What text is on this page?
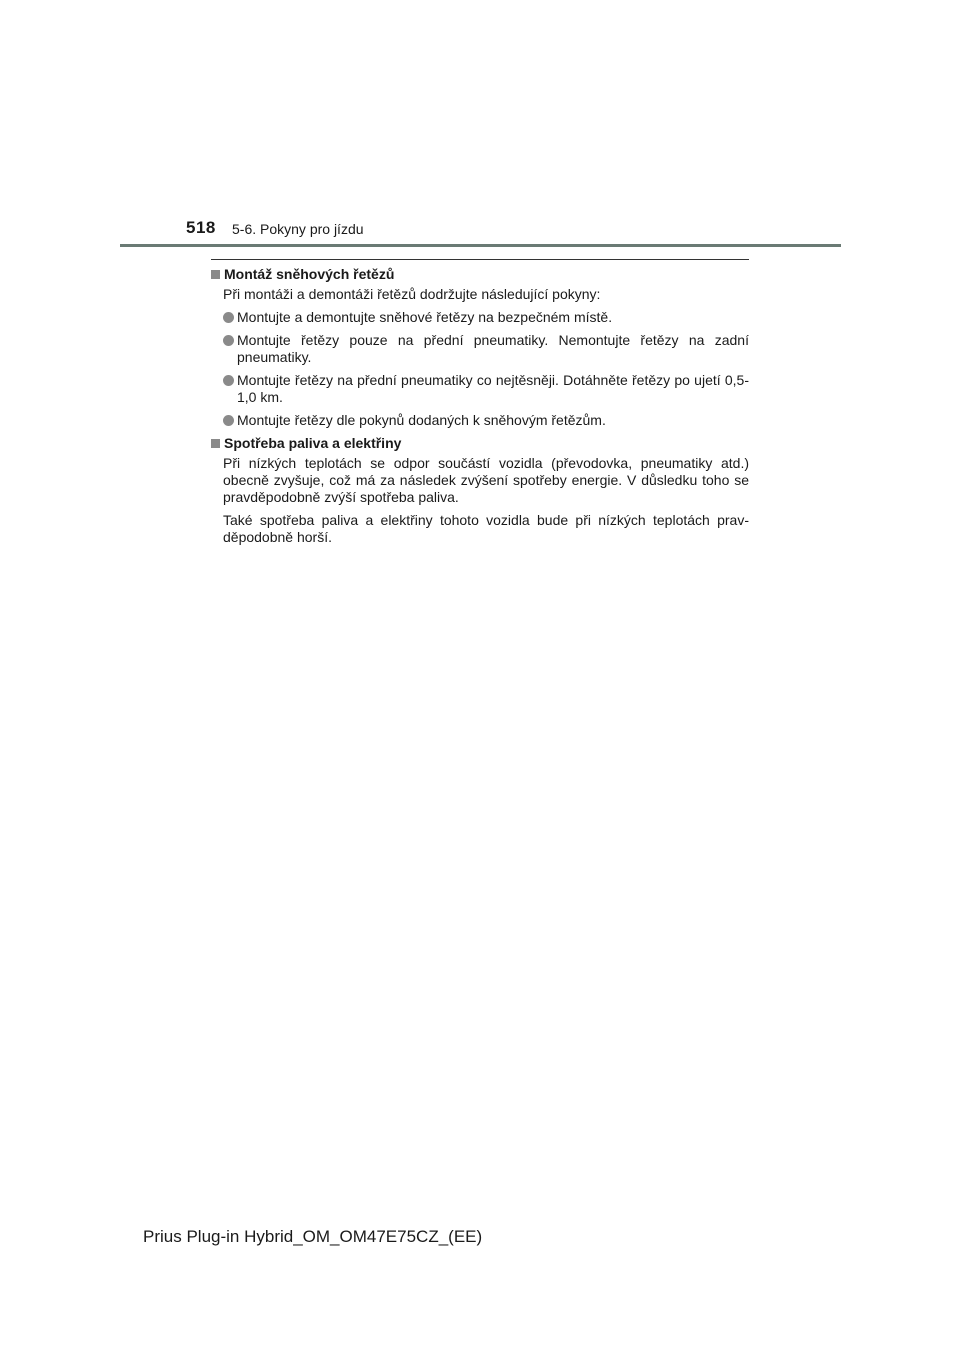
518 5-6. Pokyny pro jízdu
Montáž sněhových řetězů
Při montáži a demontáži řetězů dodržujte následující pokyny:
Montujte a demontujte sněhové řetězy na bezpečném místě.
Montujte řetězy pouze na přední pneumatiky. Nemontujte řetězy na zadní pneumatiky.
Montujte řetězy na přední pneumatiky co nejtěsněji. Dotáhněte řetězy po ujetí 0,5-1,0 km.
Montujte řetězy dle pokynů dodaných k sněhovým řetězům.
Spotřeba paliva a elektřiny
Při nízkých teplotách se odpor součástí vozidla (převodovka, pneumatiky atd.) obecně zvyšuje, což má za následek zvýšení spotřeby energie. V důsledku toho se pravděpodobně zvýší spotřeba paliva.
Také spotřeba paliva a elektřiny tohoto vozidla bude při nízkých teplotách prav-děpodobně horší.
Prius Plug-in Hybrid_OM_OM47E75CZ_(EE)
